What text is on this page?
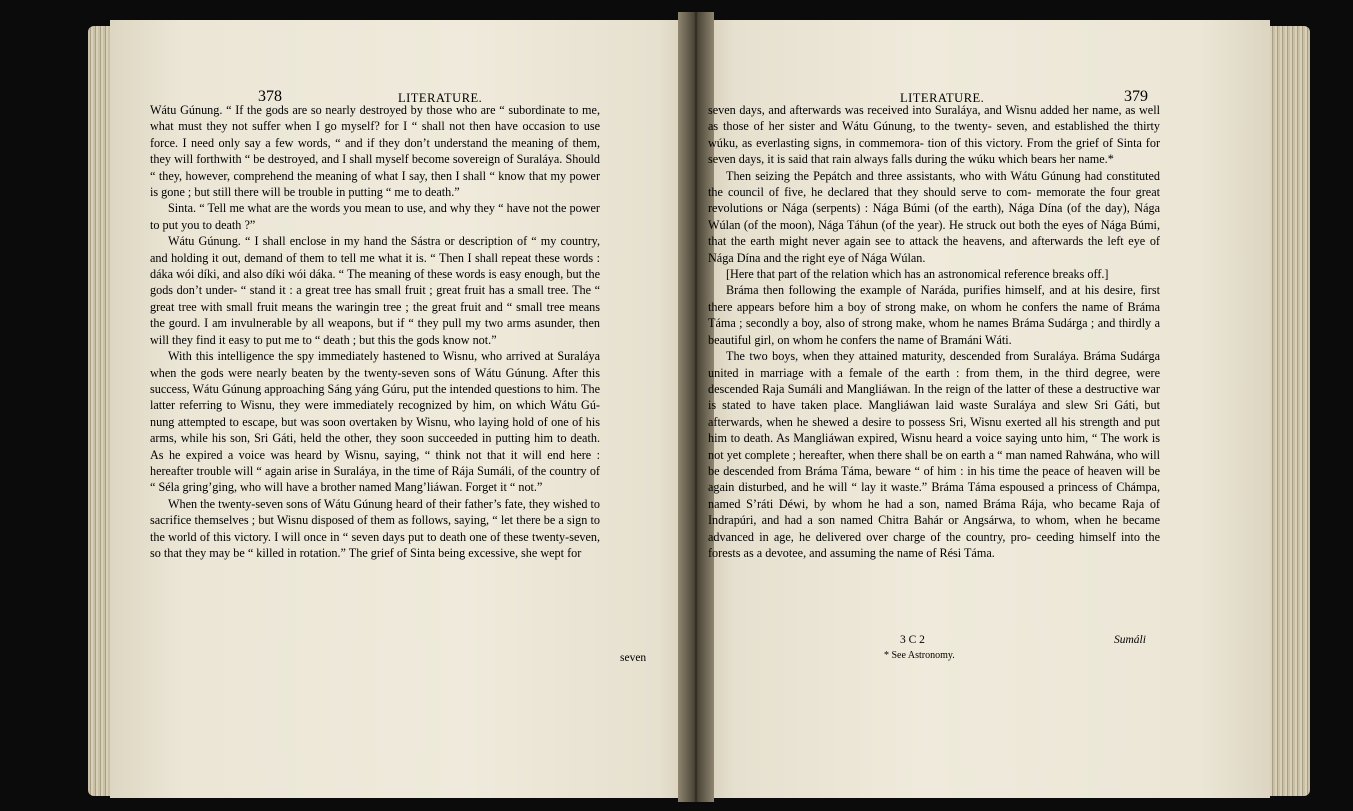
378	LITERATURE.	LITERATURE.	379

Wátu Gúnung. “ If the gods are so nearly destroyed by those who are “ subordinate to me, what must they not suffer when I go myself? for I “ shall not then have occasion to use force. I need only say a few words, “ and if they don’t understand the meaning of them, they will forthwith “ be destroyed, and I shall myself become sovereign of Suraláya. Should “ they, however, comprehend the meaning of what I say, then I shall “ know that my power is gone ; but still there will be trouble in putting “ me to death.”

Sinta. “ Tell me what are the words you mean to use, and why they “ have not the power to put you to death ?”

Wátu Gúnung. “ I shall enclose in my hand the Sástra or description of “ my country, and holding it out, demand of them to tell me what it is. “ Then I shall repeat these words : dáka wói díki, and also díki wói dáka. “ The meaning of these words is easy enough, but the gods don’t under- “ stand it : a great tree has small fruit ; great fruit has a small tree. The “ great tree with small fruit means the waringin tree ; the great fruit and “ small tree means the gourd. I am invulnerable by all weapons, but if “ they pull my two arms asunder, then will they find it easy to put me to “ death ; but this the gods know not.”

With this intelligence the spy immediately hastened to Wisnu, who arrived at Suraláya when the gods were nearly beaten by the twenty-seven sons of Wátu Gúnung. After this success, Wátu Gúnung approaching Sáng yáng Gúru, put the intended questions to him. The latter referring to Wisnu, they were immediately recognized by him, on which Wátu Gú- nung attempted to escape, but was soon overtaken by Wisnu, who laying hold of one of his arms, while his son, Sri Gáti, held the other, they soon succeeded in putting him to death. As he expired a voice was heard by Wisnu, saying, “ think not that it will end here : hereafter trouble will “ again arise in Suraláya, in the time of Rája Sumáli, of the country of “ Séla gring’ging, who will have a brother named Mang’liáwan. Forget it “ not.”

When the twenty-seven sons of Wátu Gúnung heard of their father’s fate, they wished to sacrifice themselves ; but Wisnu disposed of them as follows, saying, “ let there be a sign to the world of this victory. I will once in “ seven days put to death one of these twenty-seven, so that they may be “ killed in rotation.” The grief of Sinta being excessive, she wept for

seven

seven days, and afterwards was received into Suraláya, and Wisnu added her name, as well as those of her sister and Wátu Gúnung, to the twenty- seven, and established the thirty wúku, as everlasting signs, in commemora- tion of this victory. From the grief of Sinta for seven days, it is said that rain always falls during the wúku which bears her name.*

Then seizing the Pepátch and three assistants, who with Wátu Gúnung had constituted the council of five, he declared that they should serve to com- memorate the four great revolutions or Nága (serpents) : Nága Búmi (of the earth), Nága Dína (of the day), Nága Wúlan (of the moon), Nága Táhun (of the year). He struck out both the eyes of Nága Búmi, that the earth might never again see to attack the heavens, and afterwards the left eye of Nága Dína and the right eye of Nága Wúlan.

[Here that part of the relation which has an astronomical reference breaks off.]

Bráma then following the example of Naráda, purifies himself, and at his desire, first there appears before him a boy of strong make, on whom he confers the name of Bráma Táma ; secondly a boy, also of strong make, whom he names Bráma Sudárga ; and thirdly a beautiful girl, on whom he confers the name of Bramáni Wáti.

The two boys, when they attained maturity, descended from Suraláya. Bráma Sudárga united in marriage with a female of the earth : from them, in the third degree, were descended Raja Sumáli and Mangliáwan. In the reign of the latter of these a destructive war is stated to have taken place. Mangliáwan laid waste Suraláya and slew Sri Gáti, but afterwards, when he shewed a desire to possess Sri, Wisnu exerted all his strength and put him to death. As Mangliáwan expired, Wisnu heard a voice saying unto him, “ The work is not yet complete ; hereafter, when there shall be on earth a “ man named Rahwána, who will be descended from Bráma Táma, beware “ of him : in his time the peace of heaven will be again disturbed, and he will “ lay it waste.” Bráma Táma espoused a princess of Chámpa, named S’ráti Déwi, by whom he had a son, named Bráma Rája, who became Raja of Indrapúri, and had a son named Chitra Bahár or Angsárwa, to whom, when he became advanced in age, he delivered over charge of the country, pro- ceeding himself into the forests as a devotee, and assuming the name of Rési Táma.

3 C 2	Sumáli
* See Astronomy.
